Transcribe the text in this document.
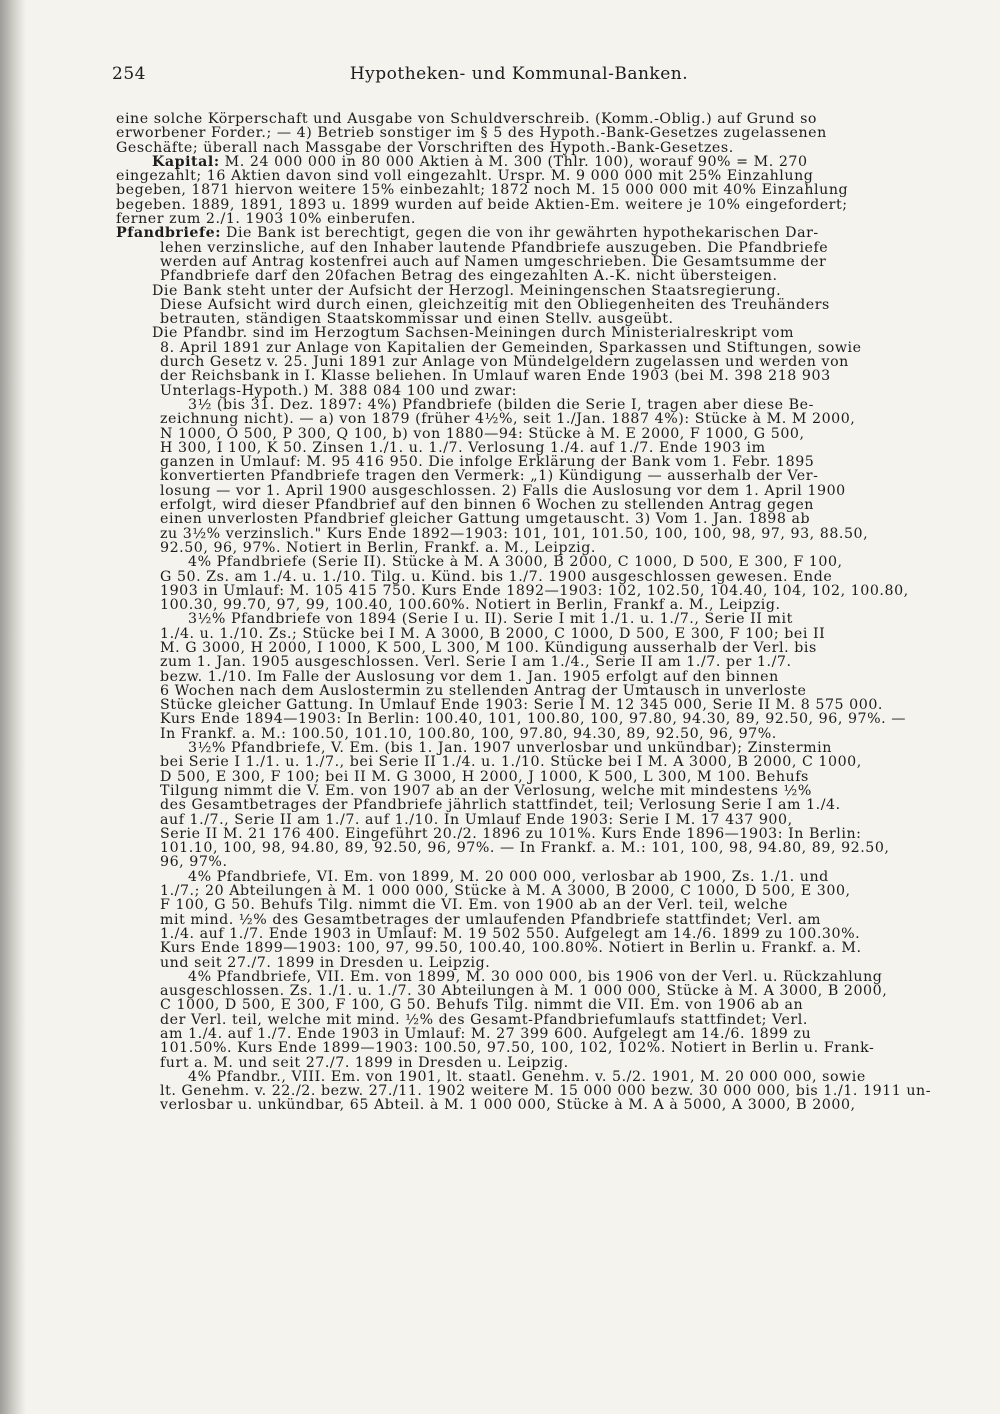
254	Hypotheken- und Kommunal-Banken.
eine solche Körperschaft und Ausgabe von Schuldverschreib. (Komm.-Oblig.) auf Grund so
erworbener Forder.; — 4) Betrieb sonstiger im § 5 des Hypoth.-Bank-Gesetzes zugelassenen
Geschäfte; überall nach Massgabe der Vorschriften des Hypoth.-Bank-Gesetzes.
Kapital: M. 24 000 000 in 80 000 Aktien à M. 300 (Thlr. 100), worauf 90% = M. 270
eingezahlt; 16 Aktien davon sind voll eingezahlt. Urspr. M. 9 000 000 mit 25% Einzahlung
begeben, 1871 hiervon weitere 15% einbezahlt; 1872 noch M. 15 000 000 mit 40% Einzahlung
begeben. 1889, 1891, 1893 u. 1899 wurden auf beide Aktien-Em. weitere je 10% eingefordert;
ferner zum 2./1. 1903 10% einberufen.
Pfandbriefe: Die Bank ist berechtigt, gegen die von ihr gewährten hypothekarischen Dar-
lehen verzinsliche, auf den Inhaber lautende Pfandbriefe auszugeben. Die Pfandbriefe
werden auf Antrag kostenfrei auch auf Namen umgeschrieben. Die Gesamtsumme der
Pfandbriefe darf den 20fachen Betrag des eingezahlten A.-K. nicht übersteigen.
Die Bank steht unter der Aufsicht der Herzogl. Meiningenschen Staatsregierung.
Diese Aufsicht wird durch einen, gleichzeitig mit den Obliegenheiten des Treuhänders
betrauten, ständigen Staatskommissar und einen Stellv. ausgeübt.
Die Pfandbr. sind im Herzogtum Sachsen-Meiningen durch Ministerialreskript vom
8. April 1891 zur Anlage von Kapitalien der Gemeinden, Sparkassen und Stiftungen, sowie
durch Gesetz v. 25. Juni 1891 zur Anlage von Mündelgeldern zugelassen und werden von
der Reichsbank in I. Klasse beliehen. In Umlauf waren Ende 1903 (bei M. 398 218 903
Unterlags-Hypoth.) M. 388 084 100 und zwar:
3½ (bis 31. Dez. 1897: 4%) Pfandbriefe (bilden die Serie I, tragen aber diese Be-
zeichnung nicht). — a) von 1879 (früher 4½%, seit 1./Jan. 1887 4%): Stücke à M. M 2000,
N 1000, O 500, P 300, Q 100, b) von 1880—94: Stücke à M. E 2000, F 1000, G 500,
H 300, I 100, K 50. Zinsen 1./1. u. 1./7. Verlosung 1./4. auf 1./7. Ende 1903 im
ganzen in Umlauf: M. 95 416 950. Die infolge Erklärung der Bank vom 1. Febr. 1895
konvertierten Pfandbriefe tragen den Vermerk: „1) Kündigung — ausserhalb der Ver-
losung — vor 1. April 1900 ausgeschlossen. 2) Falls die Auslosung vor dem 1. April 1900
erfolgt, wird dieser Pfandbrief auf den binnen 6 Wochen zu stellenden Antrag gegen
einen unverlosten Pfandbrief gleicher Gattung umgetauscht. 3) Vom 1. Jan. 1898 ab
zu 3½% verzinslich." Kurs Ende 1892—1903: 101, 101, 101.50, 100, 100, 98, 97, 93, 88.50,
92.50, 96, 97%. Notiert in Berlin, Frankf. a. M., Leipzig.
4% Pfandbriefe (Serie II). Stücke à M. A 3000, B 2000, C 1000, D 500, E 300, F 100,
G 50. Zs. am 1./4. u. 1./10. Tilg. u. Künd. bis 1./7. 1900 ausgeschlossen gewesen. Ende
1903 in Umlauf: M. 105 415 750. Kurs Ende 1892—1903: 102, 102.50, 104.40, 104, 102, 100.80,
100.30, 99.70, 97, 99, 100.40, 100.60%. Notiert in Berlin, Frankf a. M., Leipzig.
3½% Pfandbriefe von 1894 (Serie I u. II). Serie I mit 1./1. u. 1./7., Serie II mit
1./4. u. 1./10. Zs.; Stücke bei I M. A 3000, B 2000, C 1000, D 500, E 300, F 100; bei II
M. G 3000, H 2000, I 1000, K 500, L 300, M 100. Kündigung ausserhalb der Verl. bis
zum 1. Jan. 1905 ausgeschlossen. Verl. Serie I am 1./4., Serie II am 1./7. per 1./7.
bezw. 1./10. Im Falle der Auslosung vor dem 1. Jan. 1905 erfolgt auf den binnen
6 Wochen nach dem Auslostermin zu stellenden Antrag der Umtausch in unverloste
Stücke gleicher Gattung. In Umlauf Ende 1903: Serie I M. 12 345 000, Serie II M. 8 575 000.
Kurs Ende 1894—1903: In Berlin: 100.40, 101, 100.80, 100, 97.80, 94.30, 89, 92.50, 96, 97%. —
In Frankf. a. M.: 100.50, 101.10, 100.80, 100, 97.80, 94.30, 89, 92.50, 96, 97%.
3½% Pfandbriefe, V. Em. (bis 1. Jan. 1907 unverlosbar und unkündbar); Zinstermin
bei Serie I 1./1. u. 1./7., bei Serie II 1./4. u. 1./10. Stücke bei I M. A 3000, B 2000, C 1000,
D 500, E 300, F 100; bei II M. G 3000, H 2000, J 1000, K 500, L 300, M 100. Behufs
Tilgung nimmt die V. Em. von 1907 ab an der Verlosung, welche mit mindestens ½%
des Gesamtbetrages der Pfandbriefe jährlich stattfindet, teil; Verlosung Serie I am 1./4.
auf 1./7., Serie II am 1./7. auf 1./10. In Umlauf Ende 1903: Serie I M. 17 437 900,
Serie II M. 21 176 400. Eingeführt 20./2. 1896 zu 101%. Kurs Ende 1896—1903: In Berlin:
101.10, 100, 98, 94.80, 89, 92.50, 96, 97%. — In Frankf. a. M.: 101, 100, 98, 94.80, 89, 92.50,
96, 97%.
4% Pfandbriefe, VI. Em. von 1899, M. 20 000 000, verlosbar ab 1900, Zs. 1./1. und
1./7.; 20 Abteilungen à M. 1 000 000, Stücke à M. A 3000, B 2000, C 1000, D 500, E 300,
F 100, G 50. Behufs Tilg. nimmt die VI. Em. von 1900 ab an der Verl. teil, welche
mit mind. ½% des Gesamtbetrages der umlaufenden Pfandbriefe stattfindet; Verl. am
1./4. auf 1./7. Ende 1903 in Umlauf: M. 19 502 550. Aufgelegt am 14./6. 1899 zu 100.30%.
Kurs Ende 1899—1903: 100, 97, 99.50, 100.40, 100.80%. Notiert in Berlin u. Frankf. a. M.
und seit 27./7. 1899 in Dresden u. Leipzig.
4% Pfandbriefe, VII. Em. von 1899, M. 30 000 000, bis 1906 von der Verl. u. Rückzahlung
ausgeschlossen. Zs. 1./1. u. 1./7. 30 Abteilungen à M. 1 000 000, Stücke à M. A 3000, B 2000,
C 1000, D 500, E 300, F 100, G 50. Behufs Tilg. nimmt die VII. Em. von 1906 ab an
der Verl. teil, welche mit mind. ½% des Gesamt-Pfandbriefumlaufs stattfindet; Verl.
am 1./4. auf 1./7. Ende 1903 in Umlauf: M. 27 399 600. Aufgelegt am 14./6. 1899 zu
101.50%. Kurs Ende 1899—1903: 100.50, 97.50, 100, 102, 102%. Notiert in Berlin u. Frank-
furt a. M. und seit 27./7. 1899 in Dresden u. Leipzig.
4% Pfandbr., VIII. Em. von 1901, lt. staatl. Genehm. v. 5./2. 1901, M. 20 000 000, sowie
lt. Genehm. v. 22./2. bezw. 27./11. 1902 weitere M. 15 000 000 bezw. 30 000 000, bis 1./1. 1911 un-
verlosbar u. unkündbar, 65 Abteil. à M. 1 000 000, Stücke à M. A à 5000, A 3000, B 2000,
